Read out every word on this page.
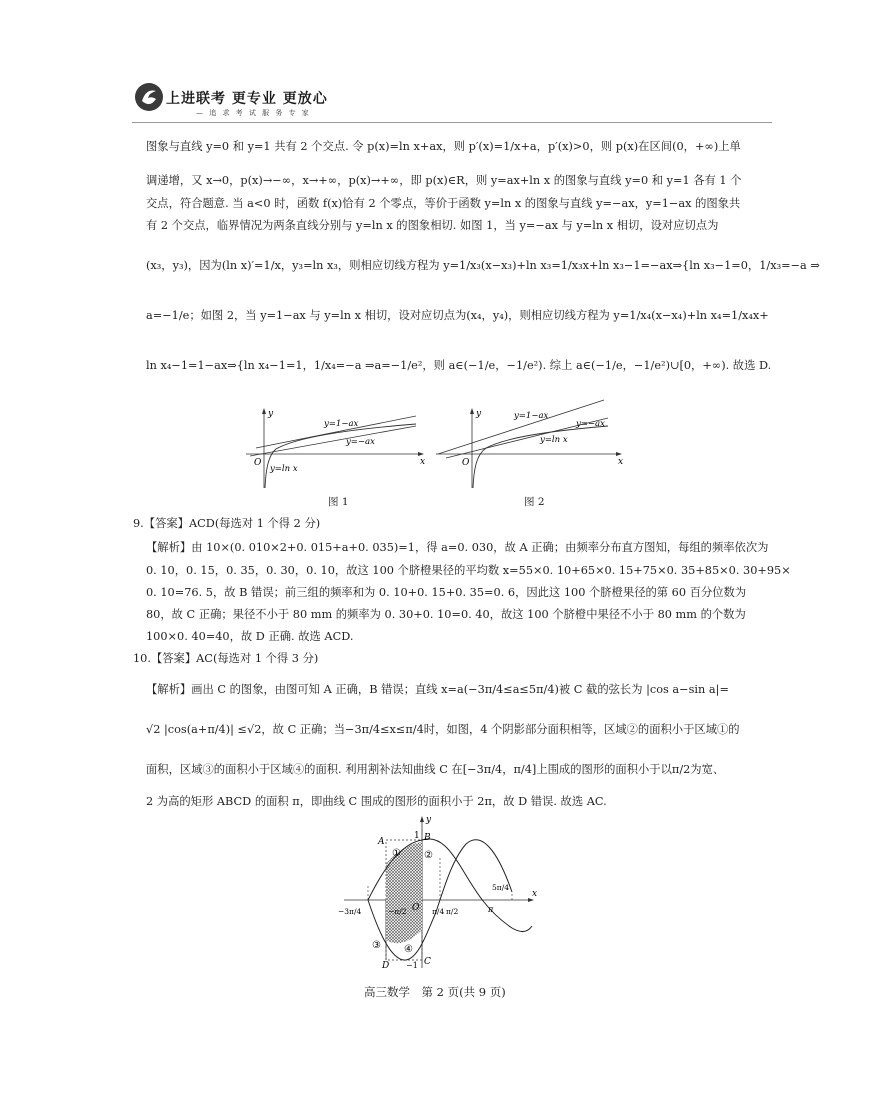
上进联考 更专业 更放心
— 追 求 考 试 服 务 专 家
图象与直线 y=0 和 y=1 共有 2 个交点. 令 p(x)=ln x+ax，则 p′(x)=1/x+a，p′(x)>0，则 p(x)在区间(0，+∞)上单
调递增，又 x→0，p(x)→−∞，x→+∞，p(x)→+∞，即 p(x)∈R，则 y=ax+ln x 的图象与直线 y=0 和 y=1 各有 1 个
交点，符合题意. 当 a<0 时，函数 f(x)恰有 2 个零点，等价于函数 y=ln x 的图象与直线 y=−ax，y=1−ax 的图象共
有 2 个交点，临界情况为两条直线分别与 y=ln x 的图象相切. 如图 1，当 y=−ax 与 y=ln x 相切，设对应切点为
(x₃，y₃)，因为(ln x)′=1/x，y₃=ln x₃，则相应切线方程为 y=1/x₃(x−x₃)+ln x₃=1/x₃x+ln x₃−1=−ax⇒{ln x₃−1=0，1/x₃=−a ⇒
a=−1/e；如图 2，当 y=1−ax 与 y=ln x 相切，设对应切点为(x₄，y₄)，则相应切线方程为 y=1/x₄(x−x₄)+ln x₄=1/x₄x+
ln x₄−1=1−ax⇒{ln x₄−1=1，1/x₄=−a ⇒a=−1/e²，则 a∈(−1/e，−1/e²). 综上 a∈(−1/e，−1/e²)∪[0，+∞). 故选 D.
y
x
O
y=1−ax
y=−ax
y=ln x
图 1
y
x
O
y=1−ax
y=−ax
y=ln x
图 2
9.【答案】ACD(每选对 1 个得 2 分)
【解析】由 10×(0. 010×2+0. 015+a+0. 035)=1，得 a=0. 030，故 A 正确；由频率分布直方图知，每组的频率依次为
0. 10，0. 15，0. 35，0. 30，0. 10，故这 100 个脐橙果径的平均数 x=55×0. 10+65×0. 15+75×0. 35+85×0. 30+95×
0. 10=76. 5，故 B 错误；前三组的频率和为 0. 10+0. 15+0. 35=0. 6，因此这 100 个脐橙果径的第 60 百分位数为
80，故 C 正确；果径不小于 80 mm 的频率为 0. 30+0. 10=0. 40，故这 100 个脐橙中果径不小于 80 mm 的个数为
100×0. 40=40，故 D 正确. 故选 ACD.
10.【答案】AC(每选对 1 个得 3 分)
【解析】画出 C 的图象，由图可知 A 正确，B 错误；直线 x=a(−3π/4≤a≤5π/4)被 C 截的弦长为 |cos a−sin a|=
√2 |cos(a+π/4)| ≤√2，故 C 正确；当−3π/4≤x≤π/4时，如图，4 个阴影部分面积相等，区域②的面积小于区域①的
面积，区域③的面积小于区域④的面积. 利用割补法知曲线 C 在[−3π/4，π/4]上围成的图形的面积小于以π/2为宽、
2 为高的矩形 ABCD 的面积 π，即曲线 C 围成的图形的面积小于 2π，故 D 错误. 故选 AC.
y
x
O
A	B
C
D
1
−1
① ②
③ ④
−3π/4	−π/2	π/4 π/2
5π/4
π
高三数学　第 2 页(共 9 页)
